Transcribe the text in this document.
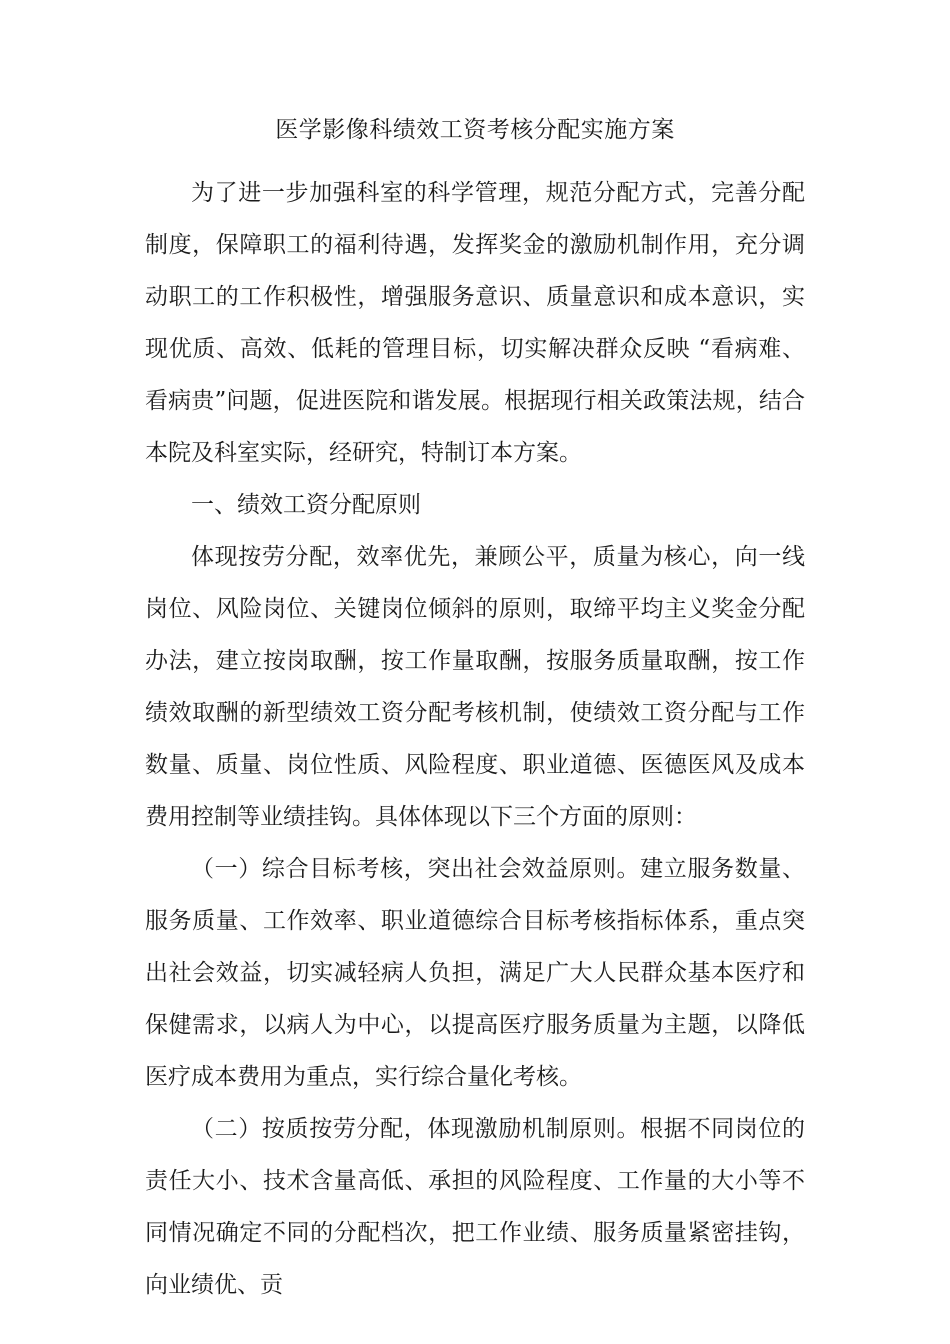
医学影像科绩效工资考核分配实施方案

为了进一步加强科室的科学管理，规范分配方式，完善分配制度，保障职工的福利待遇，发挥奖金的激励机制作用，充分调动职工的工作积极性，增强服务意识、质量意识和成本意识，实现优质、高效、低耗的管理目标，切实解决群众反映 “看病难、看病贵”问题，促进医院和谐发展。根据现行相关政策法规，结合本院及科室实际，经研究，特制订本方案。

一、绩效工资分配原则

体现按劳分配，效率优先，兼顾公平，质量为核心，向一线岗位、风险岗位、关键岗位倾斜的原则，取缔平均主义奖金分配办法，建立按岗取酬，按工作量取酬，按服务质量取酬，按工作绩效取酬的新型绩效工资分配考核机制，使绩效工资分配与工作数量、质量、岗位性质、风险程度、职业道德、医德医风及成本费用控制等业绩挂钩。具体体现以下三个方面的原则：

（一）综合目标考核，突出社会效益原则。建立服务数量、服务质量、工作效率、职业道德综合目标考核指标体系，重点突出社会效益，切实减轻病人负担，满足广大人民群众基本医疗和保健需求，以病人为中心，以提高医疗服务质量为主题，以降低医疗成本费用为重点，实行综合量化考核。

（二）按质按劳分配，体现激励机制原则。根据不同岗位的责任大小、技术含量高低、承担的风险程度、工作量的大小等不同情况确定不同的分配档次，把工作业绩、服务质量紧密挂钩，向业绩优、贡
